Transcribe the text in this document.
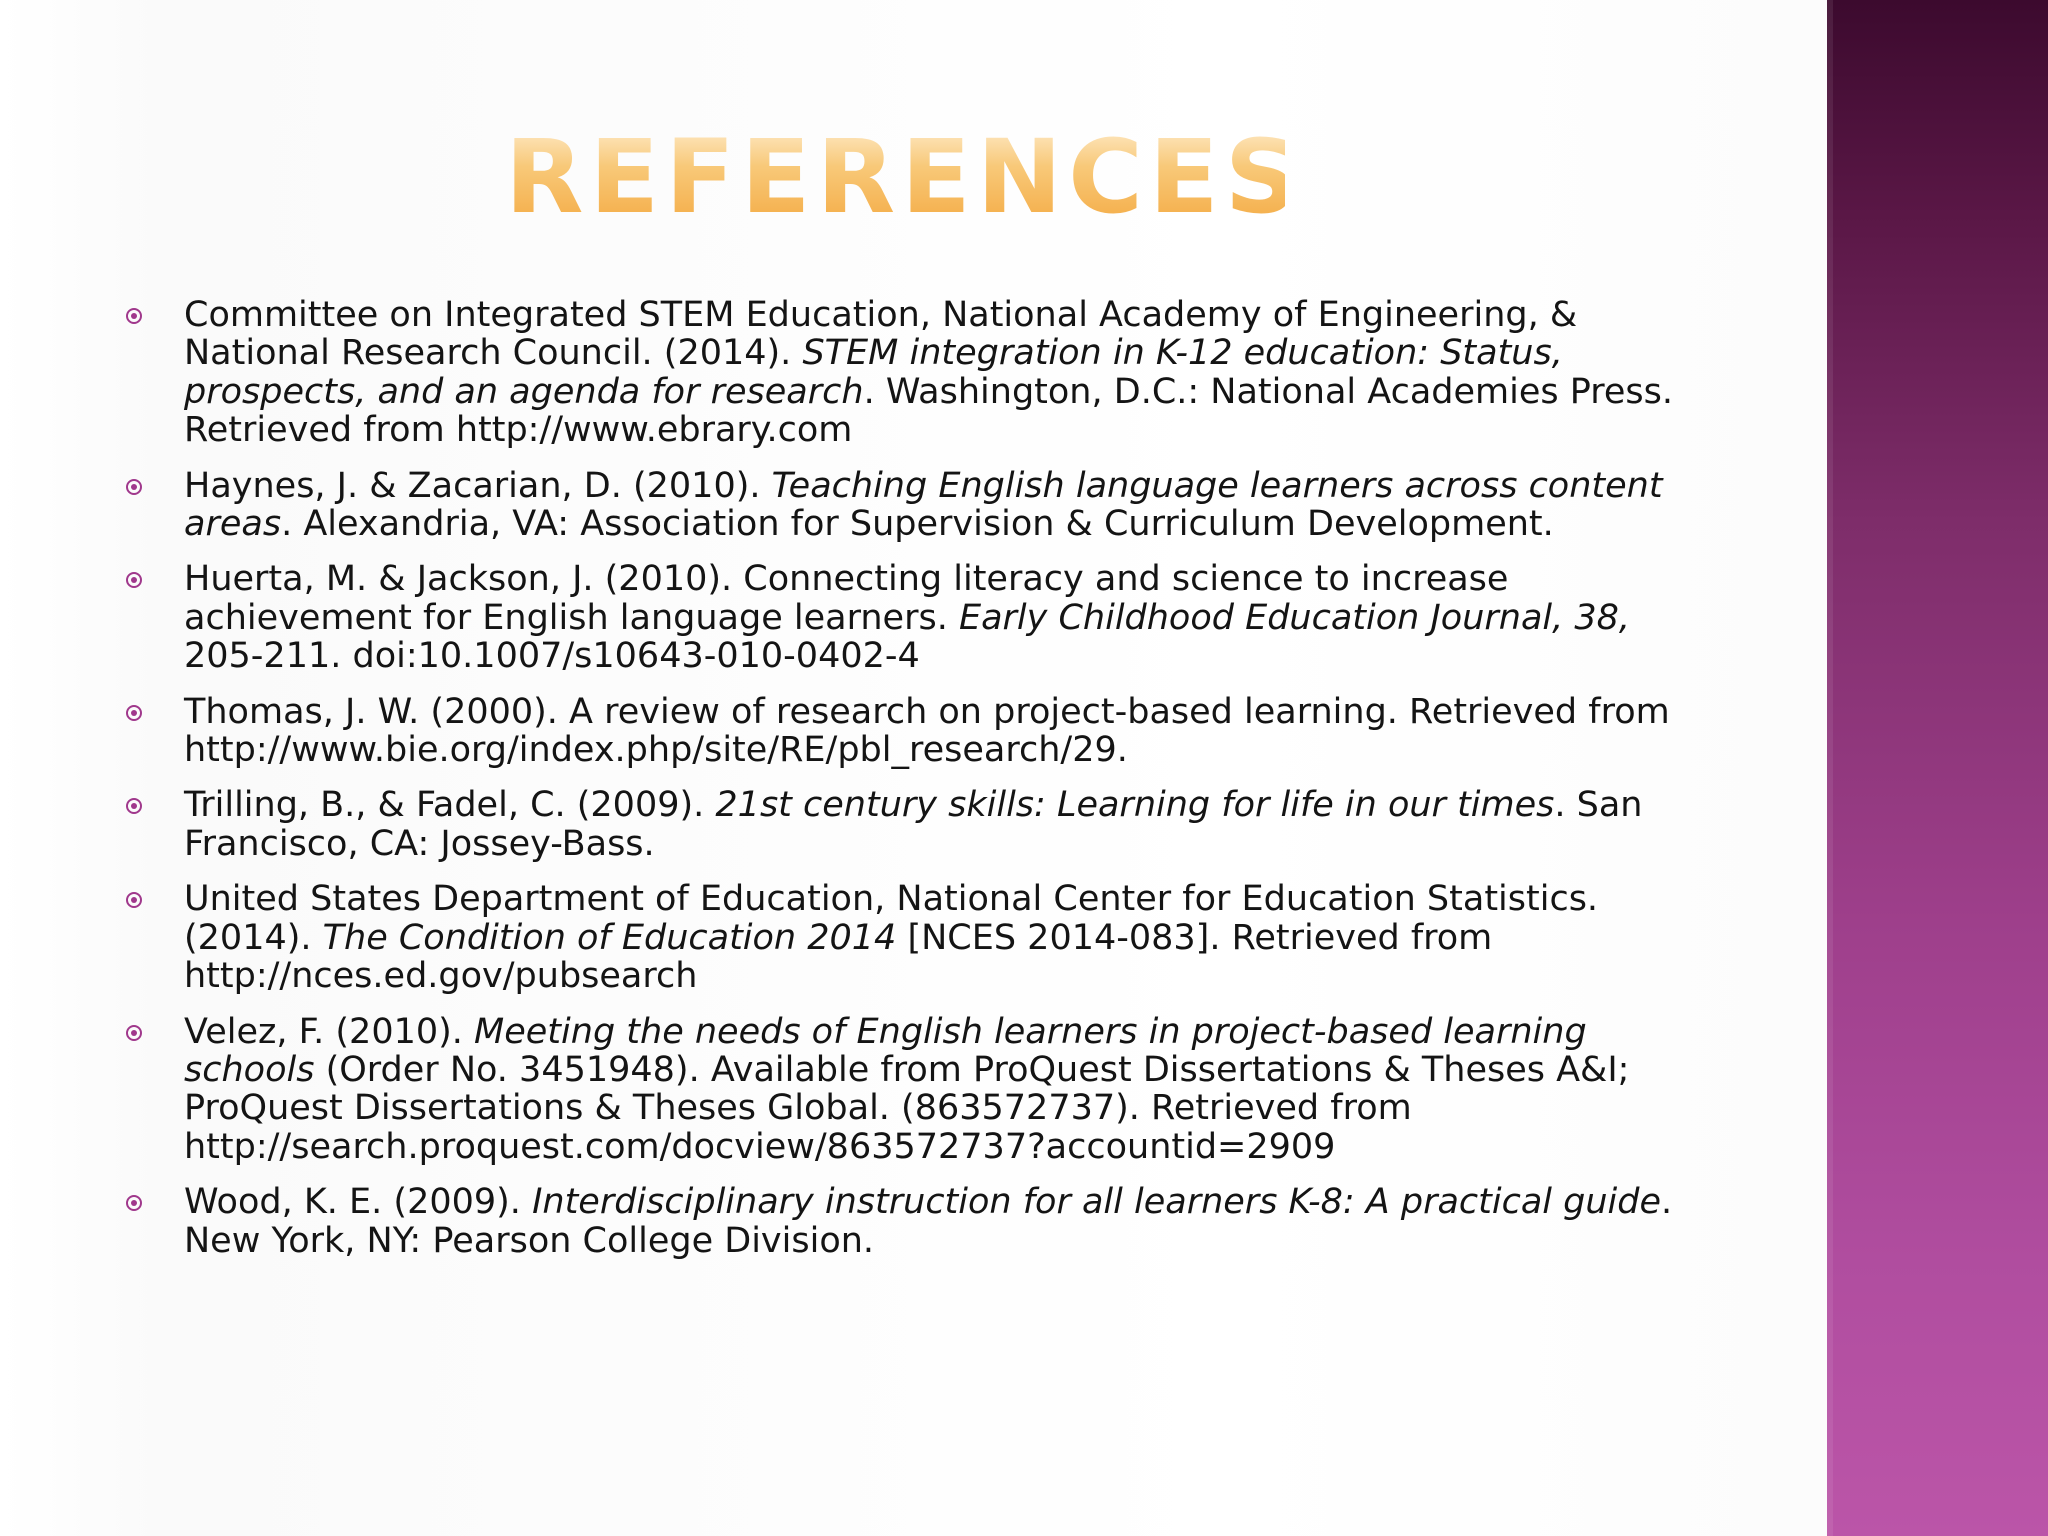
REFERENCES
Committee on Integrated STEM Education, National Academy of Engineering, & National Research Council. (2014). STEM integration in K-12 education: Status, prospects, and an agenda for research. Washington, D.C.: National Academies Press. Retrieved from http://www.ebrary.com
Haynes, J. & Zacarian, D. (2010). Teaching English language learners across content areas. Alexandria, VA: Association for Supervision & Curriculum Development.
Huerta, M. & Jackson, J. (2010). Connecting literacy and science to increase achievement for English language learners. Early Childhood Education Journal, 38, 205-211. doi:10.1007/s10643-010-0402-4
Thomas, J. W. (2000). A review of research on project-based learning. Retrieved from http://www.bie.org/index.php/site/RE/pbl_research/29.
Trilling, B., & Fadel, C. (2009). 21st century skills: Learning for life in our times. San Francisco, CA: Jossey-Bass.
United States Department of Education, National Center for Education Statistics. (2014). The Condition of Education 2014 [NCES 2014-083]. Retrieved from http://nces.ed.gov/pubsearch
Velez, F. (2010). Meeting the needs of English learners in project-based learning schools (Order No. 3451948). Available from ProQuest Dissertations & Theses A&I; ProQuest Dissertations & Theses Global. (863572737). Retrieved from http://search.proquest.com/docview/863572737?accountid=2909
Wood, K. E. (2009). Interdisciplinary instruction for all learners K-8: A practical guide. New York, NY: Pearson College Division.
